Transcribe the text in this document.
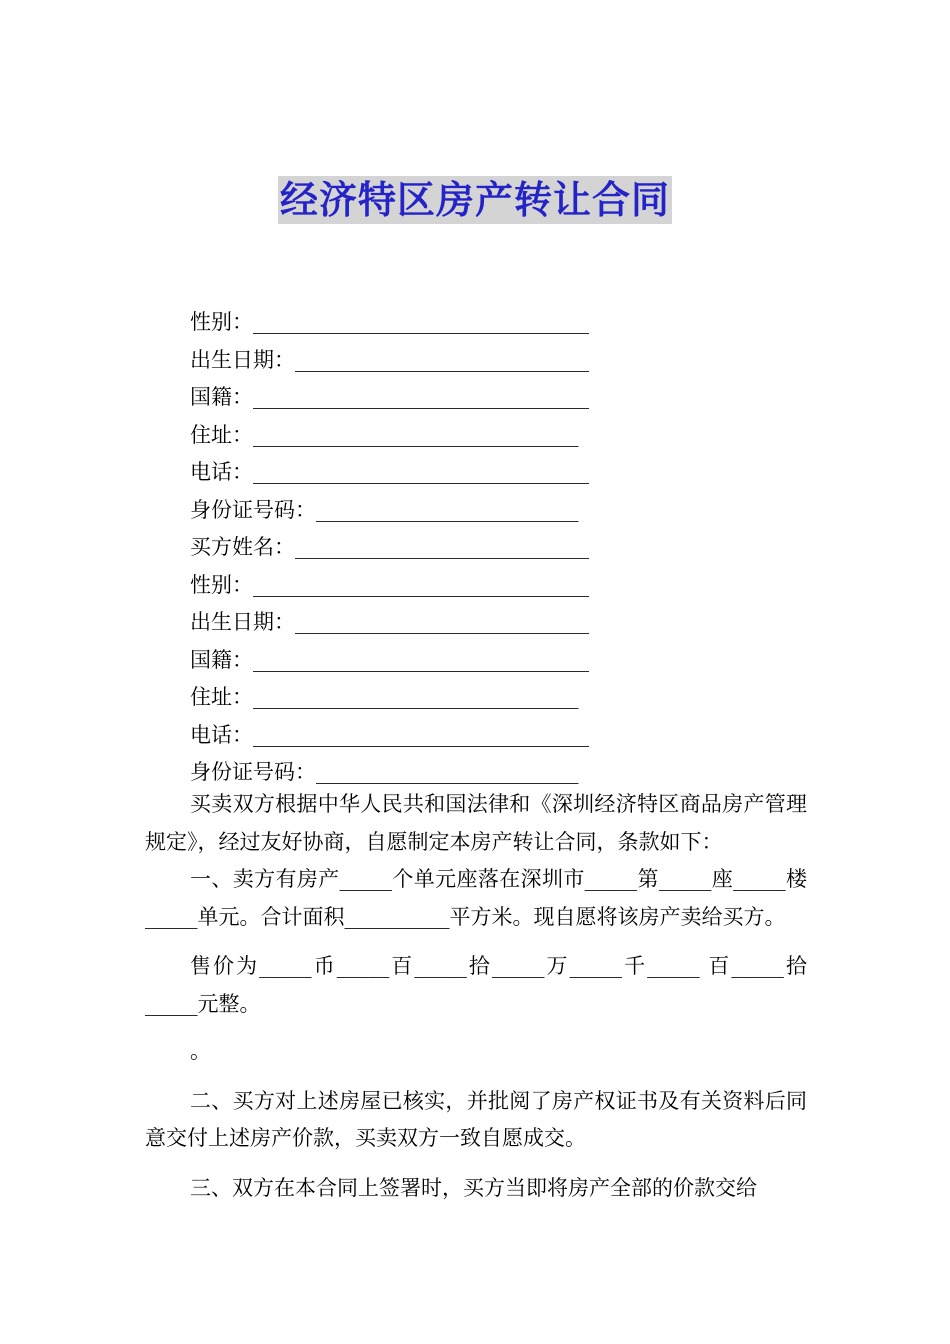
经济特区房产转让合同
性别：________________________________
出生日期：____________________________
国籍：________________________________
住址：_______________________________
电话：________________________________
身份证号码：_________________________
买方姓名：____________________________
性别：________________________________
出生日期：____________________________
国籍：________________________________
住址：_______________________________
电话：________________________________
身份证号码：_________________________

买卖双方根据中华人民共和国法律和《深圳经济特区商品房产管理规定》，经过友好协商，自愿制定本房产转让合同，条款如下：

一、卖方有房产_____个单元座落在深圳市_____第_____座_____楼_____单元。合计面积__________平方米。现自愿将该房产卖给买方。

售价为_____币_____百_____拾_____万_____千_____ 百_____拾_____元整。

。

二、买方对上述房屋已核实，并批阅了房产权证书及有关资料后同意交付上述房产价款，买卖双方一致自愿成交。

三、双方在本合同上签署时，买方当即将房产全部的价款交给
